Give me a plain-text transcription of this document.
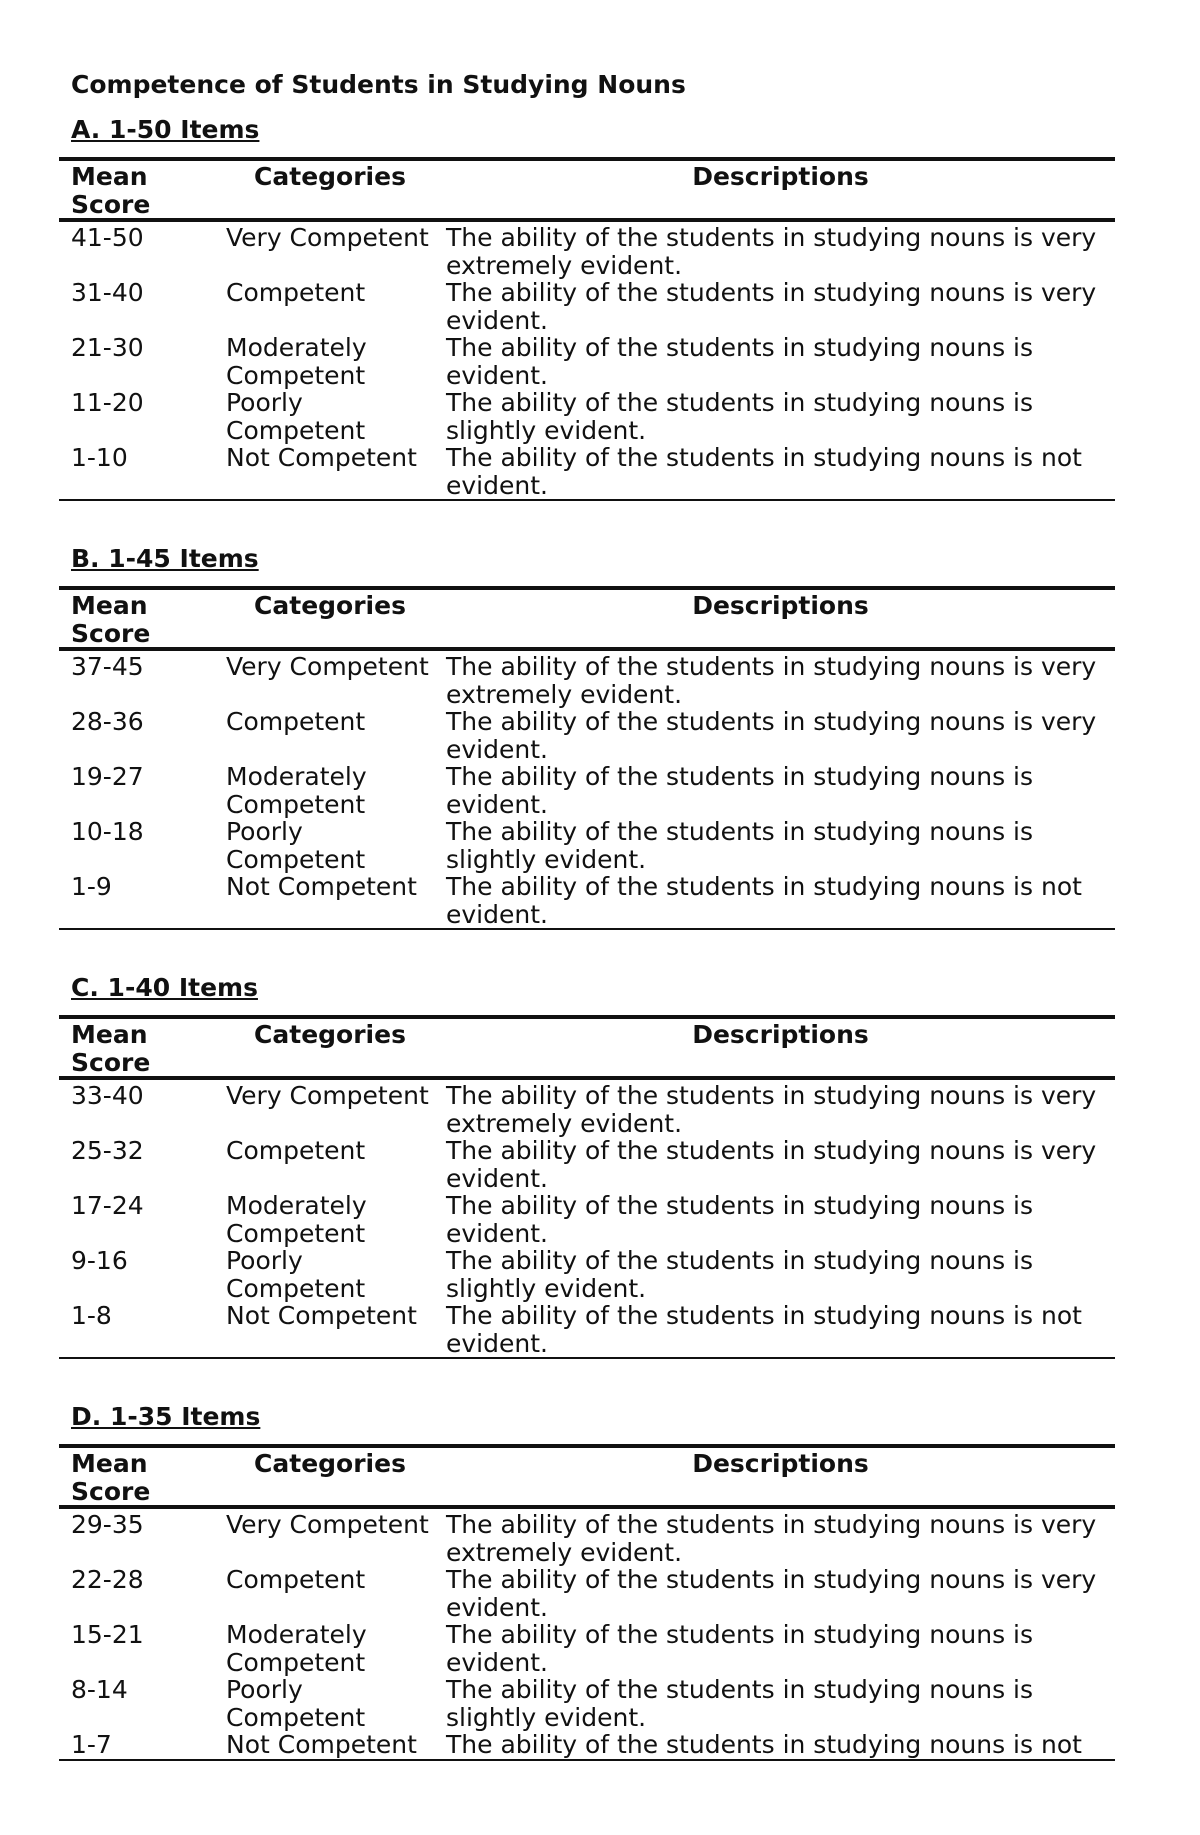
Competence of Students in Studying Nouns
A. 1-50 Items
Mean Score	Categories	Descriptions
41-50	Very Competent	The ability of the students in studying nouns is very extremely evident.
31-40	Competent	The ability of the students in studying nouns is very evident.
21-30	Moderately Competent	The ability of the students in studying nouns is evident.
11-20	Poorly Competent	The ability of the students in studying nouns is slightly evident.
1-10	Not Competent	The ability of the students in studying nouns is not evident.
B. 1-45 Items
Mean Score	Categories	Descriptions
37-45	Very Competent	The ability of the students in studying nouns is very extremely evident.
28-36	Competent	The ability of the students in studying nouns is very evident.
19-27	Moderately Competent	The ability of the students in studying nouns is evident.
10-18	Poorly Competent	The ability of the students in studying nouns is slightly evident.
1-9	Not Competent	The ability of the students in studying nouns is not evident.
C. 1-40 Items
Mean Score	Categories	Descriptions
33-40	Very Competent	The ability of the students in studying nouns is very extremely evident.
25-32	Competent	The ability of the students in studying nouns is very evident.
17-24	Moderately Competent	The ability of the students in studying nouns is evident.
9-16	Poorly Competent	The ability of the students in studying nouns is slightly evident.
1-8	Not Competent	The ability of the students in studying nouns is not evident.
D. 1-35 Items
Mean Score	Categories	Descriptions
29-35	Very Competent	The ability of the students in studying nouns is very extremely evident.
22-28	Competent	The ability of the students in studying nouns is very evident.
15-21	Moderately Competent	The ability of the students in studying nouns is evident.
8-14	Poorly Competent	The ability of the students in studying nouns is slightly evident.
1-7	Not Competent	The ability of the students in studying nouns is not
